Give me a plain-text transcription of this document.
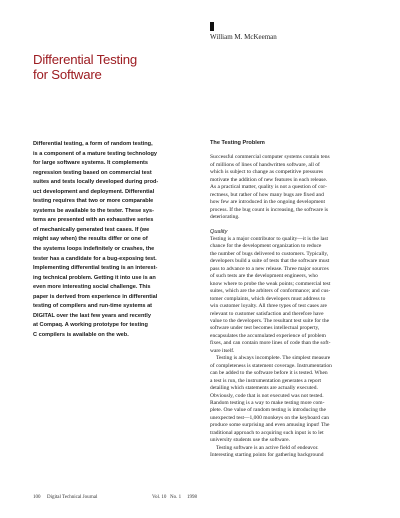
William M. McKeeman
Differential Testing
for Software
Differential testing, a form of random testing,
is a component of a mature testing technology
for large software systems. It complements
regression testing based on commercial test
suites and tests locally developed during prod-
uct development and deployment. Differential
testing requires that two or more comparable
systems be available to the tester. These sys-
tems are presented with an exhaustive series
of mechanically generated test cases. If (we
might say when) the results differ or one of
the systems loops indefinitely or crashes, the
tester has a candidate for a bug-exposing test.
Implementing differential testing is an interest-
ing technical problem. Getting it into use is an
even more interesting social challenge. This
paper is derived from experience in differential
testing of compilers and run-time systems at
DIGITAL over the last few years and recently
at Compaq. A working prototype for testing
C compilers is available on the web.
The Testing Problem
Successful commercial computer systems contain tens
of millions of lines of handwritten software, all of
which is subject to change as competitive pressures
motivate the addition of new features in each release.
As a practical matter, quality is not a question of cor-
rectness, but rather of how many bugs are fixed and
how few are introduced in the ongoing development
process. If the bug count is increasing, the software is
deteriorating.
Quality
Testing is a major contributor to quality—it is the last
chance for the development organization to reduce
the number of bugs delivered to customers. Typically,
developers build a suite of tests that the software must
pass to advance to a new release. Three major sources
of such tests are the development engineers, who
know where to probe the weak points; commercial test
suites, which are the arbiters of conformance; and cus-
tomer complaints, which developers must address to
win customer loyalty. All three types of test cases are
relevant to customer satisfaction and therefore have
value to the developers. The resultant test suite for the
software under test becomes intellectual property,
encapsulates the accumulated experience of problem
fixes, and can contain more lines of code than the soft-
ware itself.
Testing is always incomplete. The simplest measure
of completeness is statement coverage. Instrumentation
can be added to the software before it is tested. When
a test is run, the instrumentation generates a report
detailing which statements are actually executed.
Obviously, code that is not executed was not tested.
Random testing is a way to make testing more com-
plete. One value of random testing is introducing the
unexpected test—1,000 monkeys on the keyboard can
produce some surprising and even amusing input! The
traditional approach to acquiring such input is to let
university students use the software.
Testing software is an active field of endeavor.
Interesting starting points for gathering background
100 Digital Technical Journal	Vol. 10 No. 1 1998
